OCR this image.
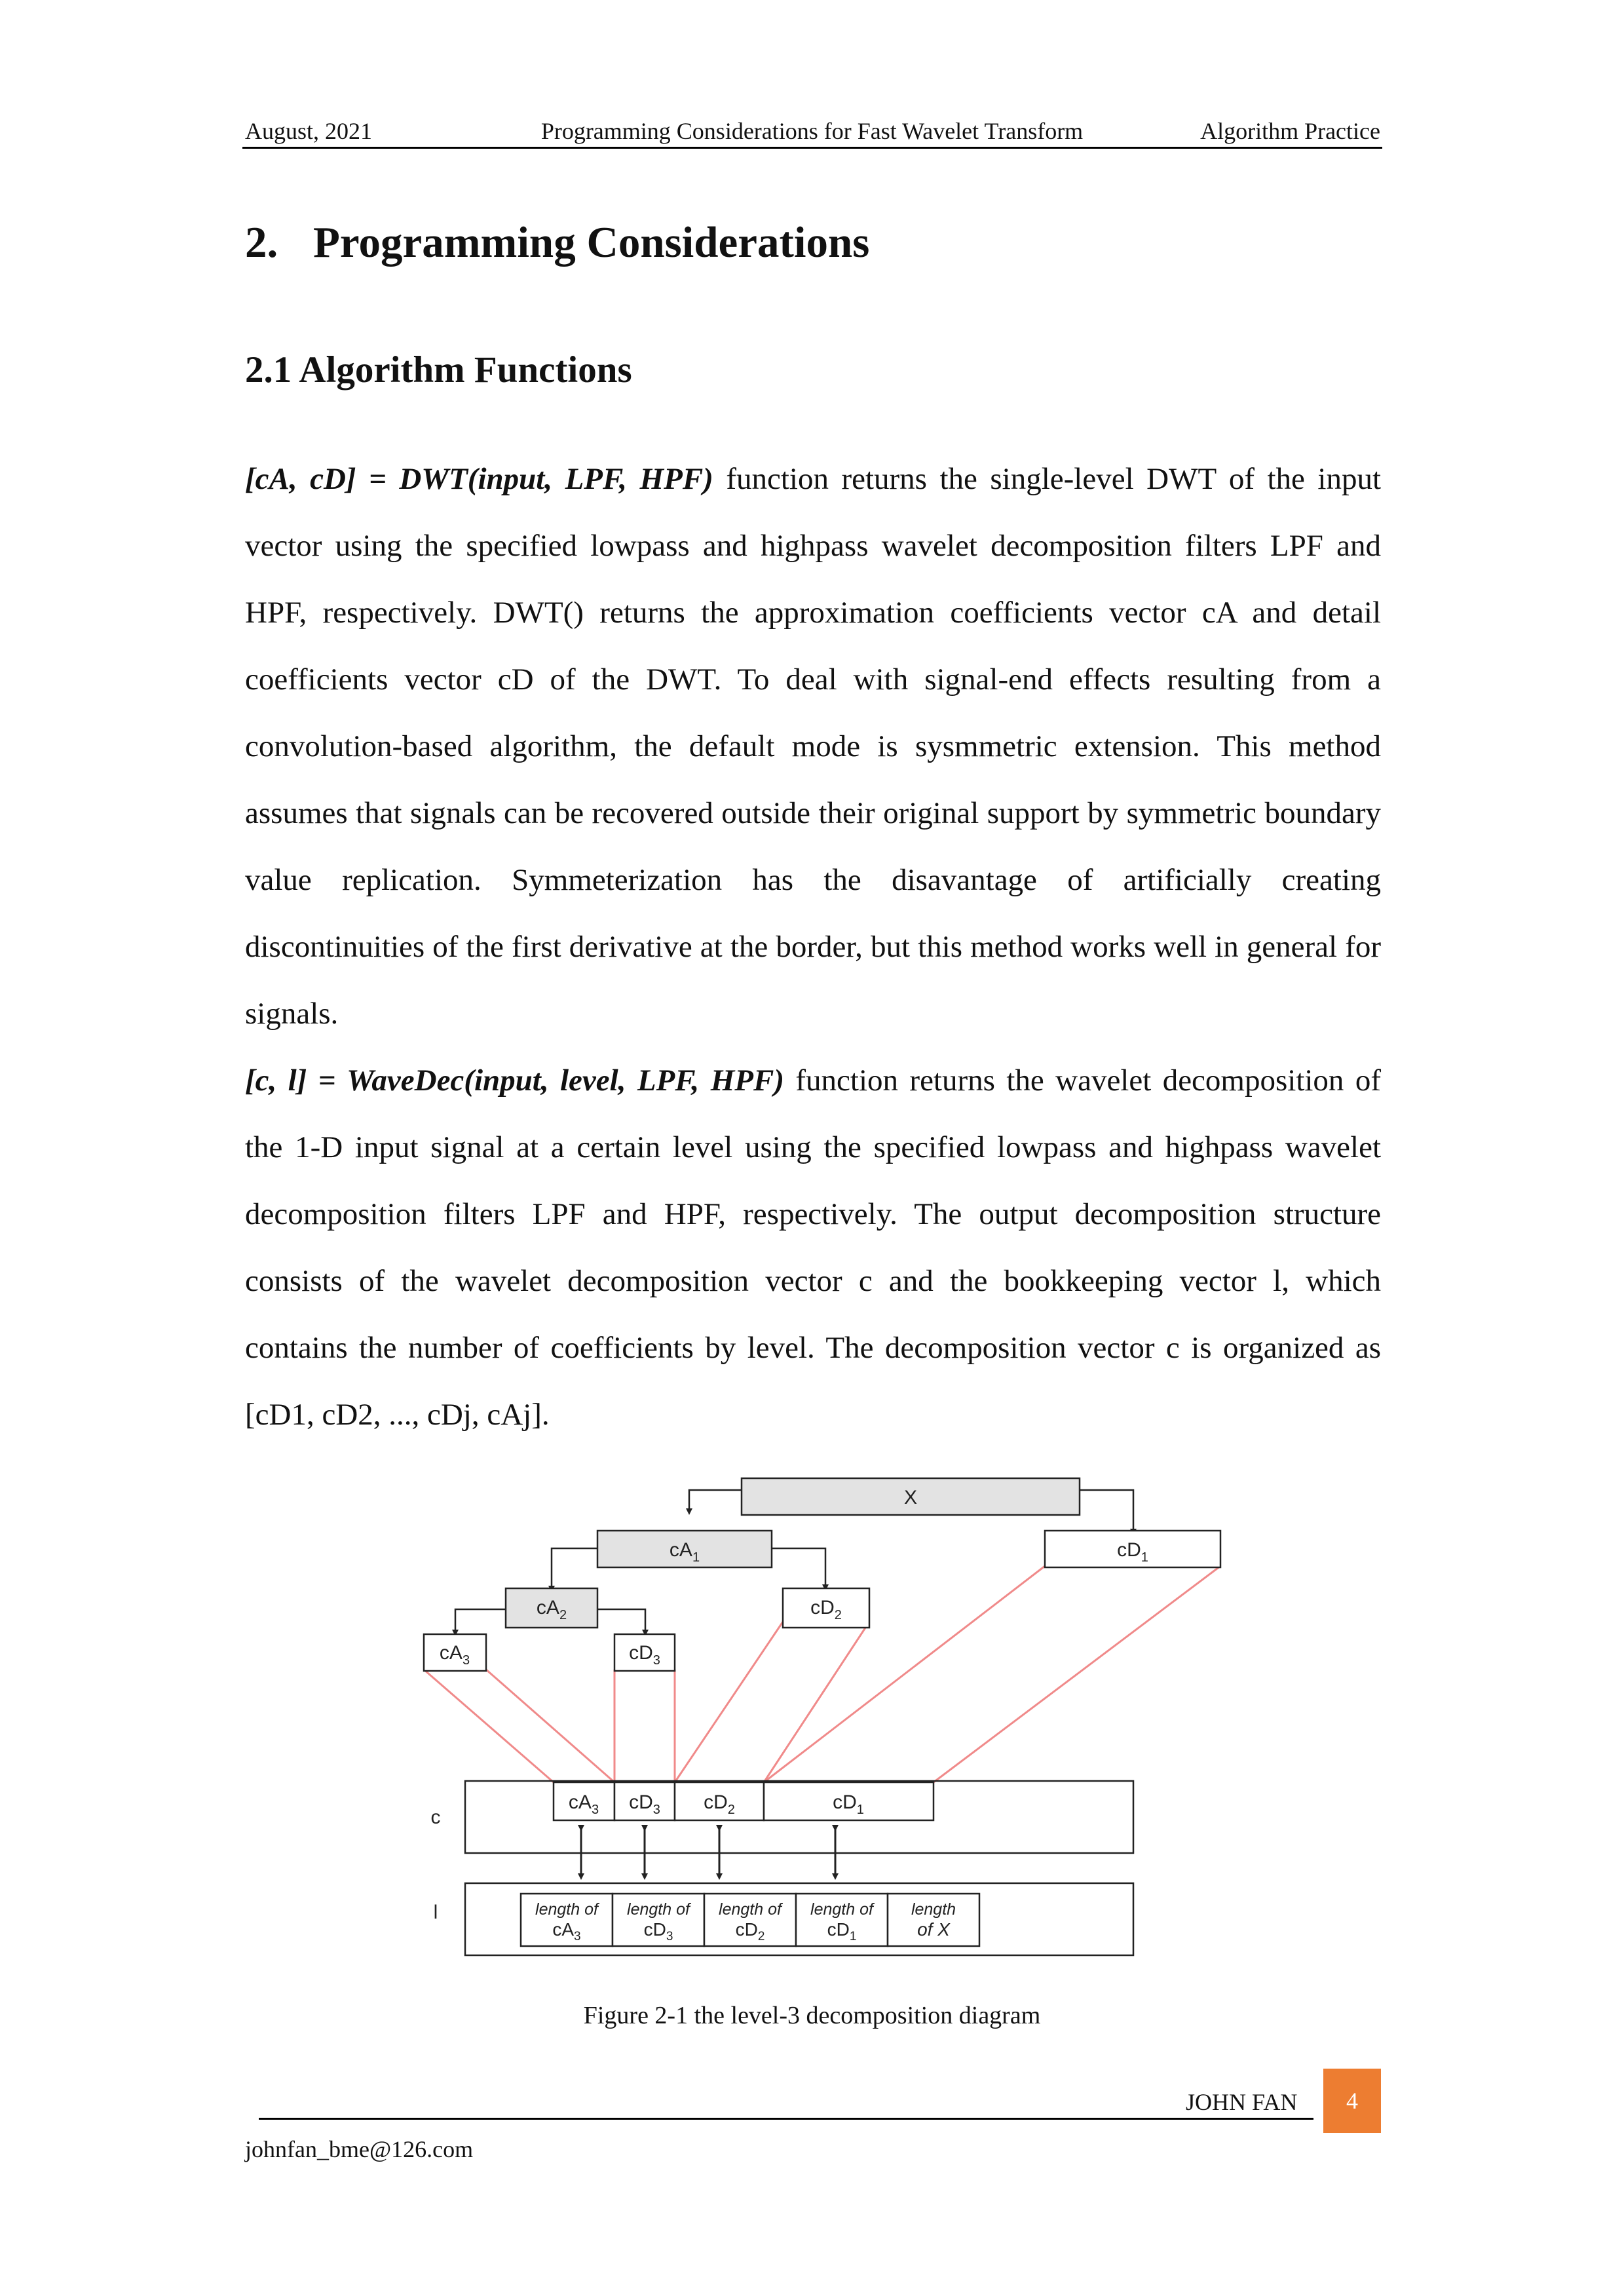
August, 2021	Programming Considerations for Fast Wavelet Transform	Algorithm Practice
2. Programming Considerations
2.1 Algorithm Functions

[cA, cD] = DWT(input, LPF, HPF) function returns the single-level DWT of the input vector using the specified lowpass and highpass wavelet decomposition filters LPF and HPF, respectively. DWT() returns the approximation coefficients vector cA and detail coefficients vector cD of the DWT. To deal with signal-end effects resulting from a convolution-based algorithm, the default mode is sysmmetric extension. This method assumes that signals can be recovered outside their original support by symmetric boundary value replication. Symmeterization has the disavantage of artificially creating discontinuities of the first derivative at the border, but this method works well in general for signals.

[c, l] = WaveDec(input, level, LPF, HPF) function returns the wavelet decomposition of the 1-D input signal at a certain level using the specified lowpass and highpass wavelet decomposition filters LPF and HPF, respectively. The output decomposition structure consists of the wavelet decomposition vector c and the bookkeeping vector l, which contains the number of coefficients by level. The decomposition vector c is organized as [cD1, cD2, ..., cDj, cAj].

X
$cA_1$	$cD_1$
$cA_2$	$cD_2$
$cA_3$	$cD_3$
c
l
$cA_3$ $cD_3$ $cD_2$	$cD_1$
length of
$cA_3$
length of
$cD_3$
length of
$cD_2$
length of
$cD_1$
length
of X
Figure 2-1 the level-3 decomposition diagram
JOHN FAN	4
johnfan_bme@126.com
